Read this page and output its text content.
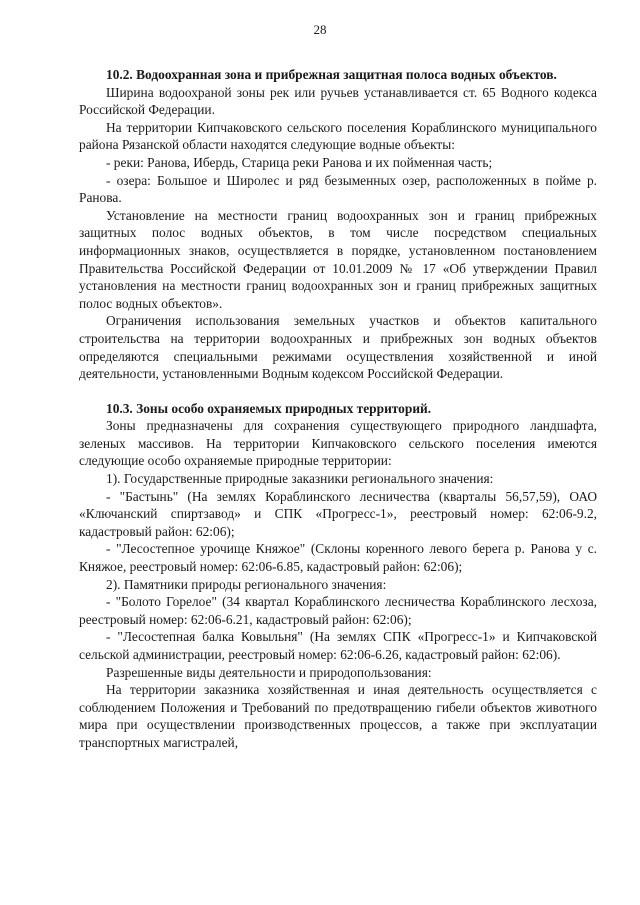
28

10.2. Водоохранная зона и прибрежная защитная полоса водных объектов.

Ширина водоохраной зоны рек или ручьев устанавливается ст. 65 Водного кодекса Российской Федерации.

На территории Кипчаковского сельского поселения Кораблинского муниципального района Рязанской области находятся следующие водные объекты:

- реки: Ранова, Ибердь, Старица реки Ранова и их пойменная часть;

- озера: Большое и Широлес и ряд безыменных озер, расположенных в пойме р. Ранова.

Установление на местности границ водоохранных зон и границ прибрежных защитных полос водных объектов, в том числе посредством специальных информационных знаков, осуществляется в порядке, установленном постановлением Правительства Российской Федерации от 10.01.2009 № 17 «Об утверждении Правил установления на местности границ водоохранных зон и границ прибрежных защитных полос водных объектов».

Ограничения использования земельных участков и объектов капитального строительства на территории водоохранных и прибрежных зон водных объектов определяются специальными режимами осуществления хозяйственной и иной деятельности, установленными Водным кодексом Российской Федерации.

10.3. Зоны особо охраняемых природных территорий.

Зоны предназначены для сохранения существующего природного ландшафта, зеленых массивов. На территории Кипчаковского сельского поселения имеются следующие особо охраняемые природные территории:

1). Государственные природные заказники регионального значения:

- "Бастынь" (На землях Кораблинского лесничества (кварталы 56,57,59), ОАО «Ключанский спиртзавод» и СПК «Прогресс-1», реестровый номер: 62:06-9.2, кадастровый район: 62:06);

- "Лесостепное урочище Княжое" (Склоны коренного левого берега р. Ранова у с. Княжое, реестровый номер: 62:06-6.85, кадастровый район: 62:06);

2). Памятники природы регионального значения:

- "Болото Горелое" (34 квартал Кораблинского лесничества Кораблинского лесхоза, реестровый номер: 62:06-6.21, кадастровый район: 62:06);

- "Лесостепная балка Ковыльня" (На землях СПК «Прогресс-1» и Кипчаковской сельской администрации, реестровый номер: 62:06-6.26, кадастровый район: 62:06).

Разрешенные виды деятельности и природопользования:

На территории заказника хозяйственная и иная деятельность осуществляется с соблюдением Положения и Требований по предотвращению гибели объектов животного мира при осуществлении производственных процессов, а также при эксплуатации транспортных магистралей,
